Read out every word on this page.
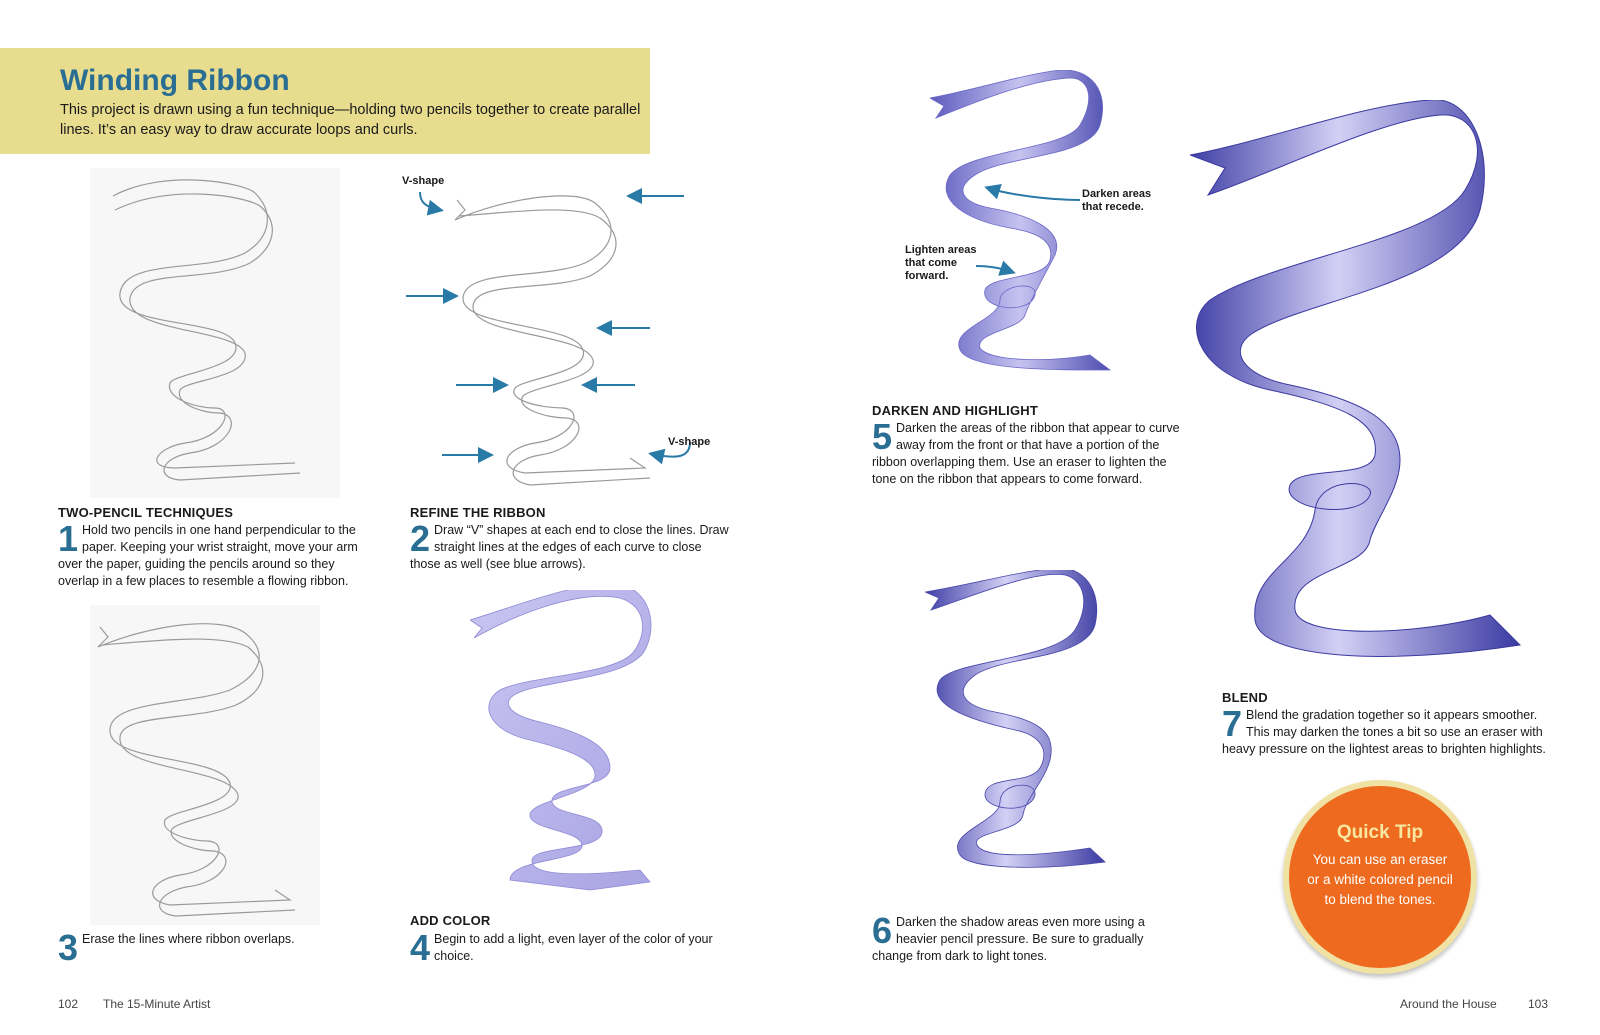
Winding Ribbon

This project is drawn using a fun technique—holding two pencils together to create parallel lines. It’s an easy way to draw accurate loops and curls.

V-shape
V-shape
TWO-PENCIL TECHNIQUES
1 Hold two pencils in one hand perpendicular to the paper. Keeping your wrist straight, move your arm over the paper, guiding the pencils around so they overlap in a few places to resemble a flowing ribbon.
REFINE THE RIBBON
2 Draw “V” shapes at each end to close the lines. Draw straight lines at the edges of each curve to close those as well (see blue arrows).
3 Erase the lines where ribbon overlaps.
ADD COLOR
4 Begin to add a light, even layer of the color of your choice.
Darken areas that recede.
Lighten areas that come forward.
DARKEN AND HIGHLIGHT
5 Darken the areas of the ribbon that appear to curve away from the front or that have a portion of the ribbon overlapping them. Use an eraser to lighten the tone on the ribbon that appears to come forward.
6 Darken the shadow areas even more using a heavier pencil pressure. Be sure to gradually change from dark to light tones.
BLEND
7 Blend the gradation together so it appears smoother. This may darken the tones a bit so use an eraser with heavy pressure on the lightest areas to brighten highlights.
Quick Tip
You can use an eraser or a white colored pencil to blend the tones.
102 The 15-Minute Artist	Around the House	103
